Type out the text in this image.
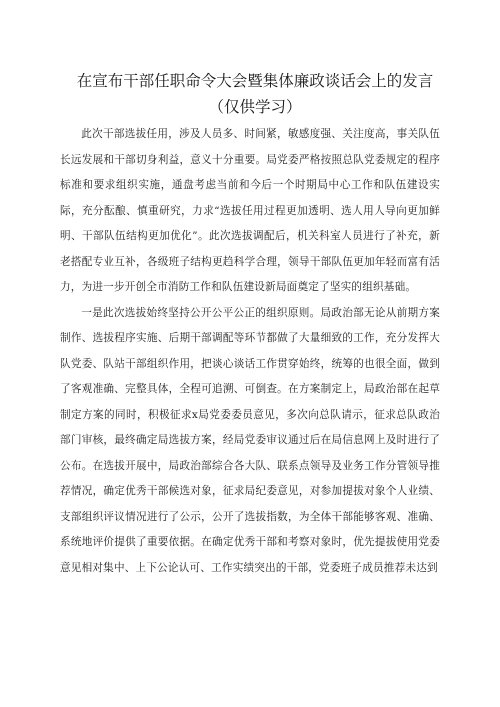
在宣布干部任职命令大会暨集体廉政谈话会上的发言（仅供学习）

此次干部选拔任用，涉及人员多、时间紧，敏感度强、关注度高，事关队伍长远发展和干部切身利益，意义十分重要。局党委严格按照总队党委规定的程序标准和要求组织实施，通盘考虑当前和今后一个时期局中心工作和队伍建设实际，充分酝酿、慎重研究，力求“选拔任用过程更加透明、选人用人导向更加鲜明、干部队伍结构更加优化”。此次选拔调配后，机关科室人员进行了补充，新老搭配专业互补，各级班子结构更趋科学合理，领导干部队伍更加年轻而富有活力，为进一步开创全市消防工作和队伍建设新局面奠定了坚实的组织基础。

一是此次选拔始终坚持公开公平公正的组织原则。局政治部无论从前期方案制作、选拔程序实施、后期干部调配等环节都做了大量细致的工作，充分发挥大队党委、队站干部组织作用，把谈心谈话工作贯穿始终，统筹的也很全面，做到了客观准确、完整具体，全程可追溯、可倒查。在方案制定上，局政治部在起草制定方案的同时，积极征求x局党委委员意见，多次向总队请示，征求总队政治部门审核，最终确定局选拔方案，经局党委审议通过后在局信息网上及时进行了公布。在选拔开展中，局政治部综合各大队、联系点领导及业务工作分管领导推荐情况，确定优秀干部候选对象，征求局纪委意见，对参加提拔对象个人业绩、支部组织评议情况进行了公示，公开了选拔指数，为全体干部能够客观、准确、系统地评价提供了重要依据。在确定优秀干部和考察对象时，优先提拔使用党委意见相对集中、上下公论认可、工作实绩突出的干部，党委班子成员推荐未达到
